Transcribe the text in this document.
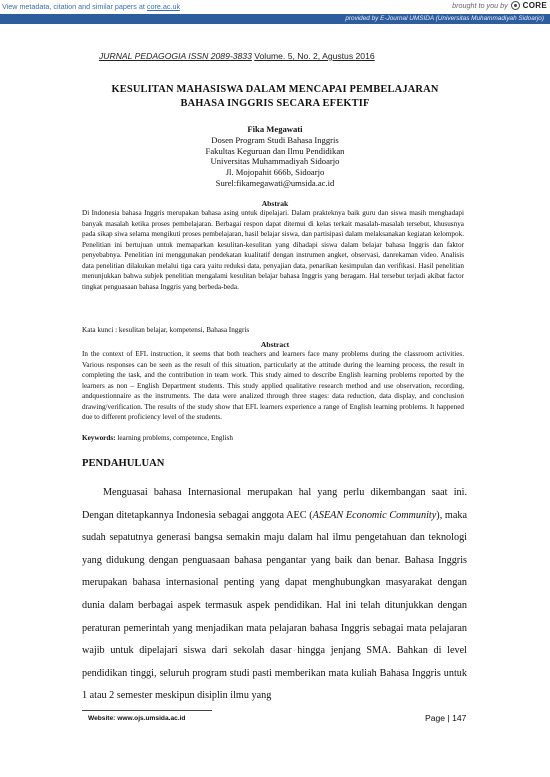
View metadata, citation and similar papers at core.ac.uk	brought to you by CORE
provided by E-Journal UMSIDA (Universitas Muhammadiyah Sidoarjo)
JURNAL PEDAGOGIA ISSN 2089-3833 Volume. 5, No. 2, Agustus 2016
KESULITAN MAHASISWA DALAM MENCAPAI PEMBELAJARAN
BAHASA INGGRIS SECARA EFEKTIF
Fika Megawati
Dosen Program Studi Bahasa Inggris
Fakultas Keguruan dan Ilmu Pendidikan
Universitas Muhammadiyah Sidoarjo
Jl. Mojopahit 666b, Sidoarjo
Surel:fikamegawati@umsida.ac.id
Abstrak
Di Indonesia bahasa Inggris merupakan bahasa asing untuk dipelajari. Dalam prakteknya baik guru dan siswa masih menghadapi banyak masalah ketika proses pembelajaran. Berbagai respon dapat ditemui di kelas terkait masalah-masalah tersebut, khususnya pada sikap siwa selama mengikuti proses pembelajaran, hasil belajar siswa, dan partisipasi dalam melaksanakan kegiatan kelompok. Penelitian ini bertujuan untuk memaparkan kesulitan-kesulitan yang dihadapi siswa dalam belajar bahasa Inggris dan faktor penyebabnya. Penelitian ini menggunakan pendekatan kualitatif dengan instrumen angket, observasi, danrekaman video. Analisis data penelitian dilakukan melalui tiga cara yaitu reduksi data, penyajian data, penarikan kesimpulan dan verifikasi. Hasil penelitian menunjukkan bahwa subjek penelitian mengalami kesulitan belajar bahasa Inggris yang beragam. Hal tersebut terjadi akibat factor tingkat penguasaan bahasa Inggris yang berbeda-beda.
Kata kunci : kesulitan belajar, kompetensi, Bahasa Inggris
Abstract
In the context of EFL instruction, it seems that both teachers and learners face many problems during the classroom activities. Various responses can be seen as the result of this situation, particularly at the attitude during the learning process, the result in completing the task, and the contribution in team work. This study aimed to describe English learning problems reported by the learners as non – English Department students. This study applied qualitative research method and use observation, recording, andquestionnaire as the instruments. The data were analized through three stages: data reduction, data display, and conclusion drawing/verification. The results of the study show that EFL learners experience a range of English learning problems. It happened due to different proficiency level of the students.
Keywords: learning problems, competence, English
PENDAHULUAN
Menguasai bahasa Internasional merupakan hal yang perlu dikembangan saat ini. Dengan ditetapkannya Indonesia sebagai anggota AEC (ASEAN Economic Community), maka sudah sepatutnya generasi bangsa semakin maju dalam hal ilmu pengetahuan dan teknologi yang didukung dengan penguasaan bahasa pengantar yang baik dan benar. Bahasa Inggris merupakan bahasa internasional penting yang dapat menghubungkan masyarakat dengan dunia dalam berbagai aspek termasuk aspek pendidikan. Hal ini telah ditunjukkan dengan peraturan pemerintah yang menjadikan mata pelajaran bahasa Inggris sebagai mata pelajaran wajib untuk dipelajari siswa dari sekolah dasar hingga jenjang SMA. Bahkan di level pendidikan tinggi, seluruh program studi pasti memberikan mata kuliah Bahasa Inggris untuk 1 atau 2 semester meskipun disiplin ilmu yang
Website: www.ojs.umsida.ac.id	Page | 147
